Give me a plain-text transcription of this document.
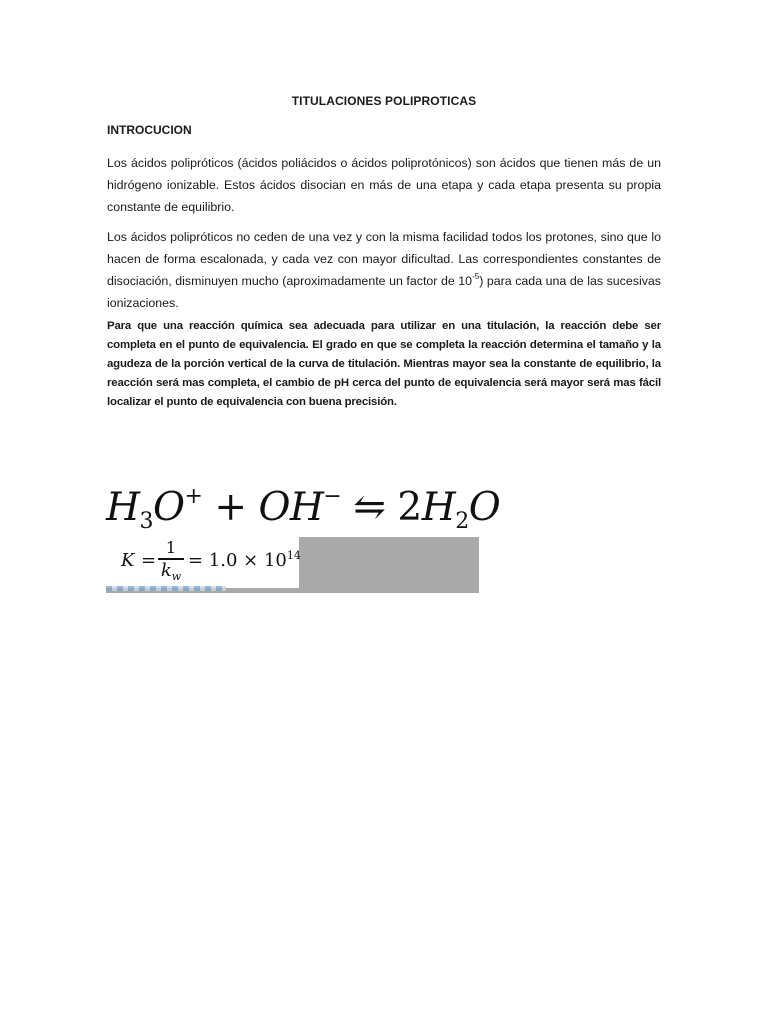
TITULACIONES POLIPROTICAS
INTROCUCION

Los ácidos polipróticos (ácidos poliácidos o ácidos poliprotónicos) son ácidos que tienen más de un hidrógeno ionizable. Estos ácidos disocian en más de una etapa y cada etapa presenta su propia constante de equilibrio.

Los ácidos polipróticos no ceden de una vez y con la misma facilidad todos los protones, sino que lo hacen de forma escalonada, y cada vez con mayor dificultad. Las correspondientes constantes de disociación, disminuyen mucho (aproximadamente un factor de $10^{-5}$) para cada una de las sucesivas ionizaciones.

Para que una reacción química sea adecuada para utilizar en una titulación, la reacción debe ser completa en el punto de equivalencia. El grado en que se completa la reacción determina el tamaño y la agudeza de la porción vertical de la curva de titulación. Mientras mayor sea la constante de equilibrio, la reacción será mas completa, el cambio de pH cerca del punto de equivalencia será mayor será mas fácil localizar el punto de equivalencia con buena precisión.

$H_3O^+ + OH^-$ ⇋ $2H_2O$
K =
1
$k_w$
= $1.0 \times 10^{14}$
